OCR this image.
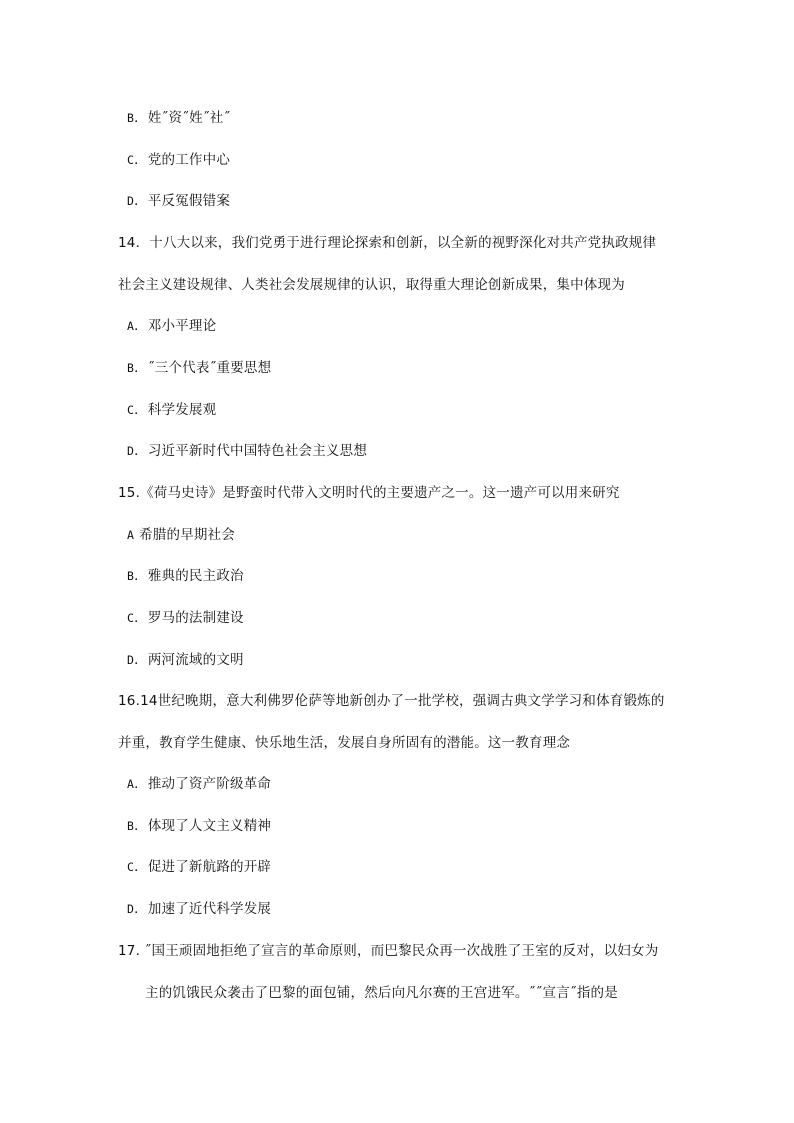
B．姓˝资˝姓˝社˝
C．党的工作中心
D．平反冤假错案
14．十八大以来，我们党勇于进行理论探索和创新，以全新的视野深化对共产党执政规律
社会主义建设规律、人类社会发展规律的认识，取得重大理论创新成果，集中体现为
A．邓小平理论
B．˝三个代表˝重要思想
C．科学发展观
D．习近平新时代中国特色社会主义思想
15.《荷马史诗》是野蛮时代带入文明时代的主要遗产之一。这一遗产可以用来研究
A 希腊的早期社会
B．雅典的民主政治
C．罗马的法制建设
D．两河流域的文明
16.14世纪晚期，意大利佛罗伦萨等地新创办了一批学校，强调古典文学学习和体育锻炼的
并重，教育学生健康、快乐地生活，发展自身所固有的潜能。这一教育理念
A．推动了资产阶级革命
B．体现了人文主义精神
C．促进了新航路的开辟
D．加速了近代科学发展
17. ˝国王顽固地拒绝了宣言的革命原则，而巴黎民众再一次战胜了王室的反对，以妇女为
主的饥饿民众袭击了巴黎的面包铺，然后向凡尔赛的王宫进军。˝˝宣言˝指的是
